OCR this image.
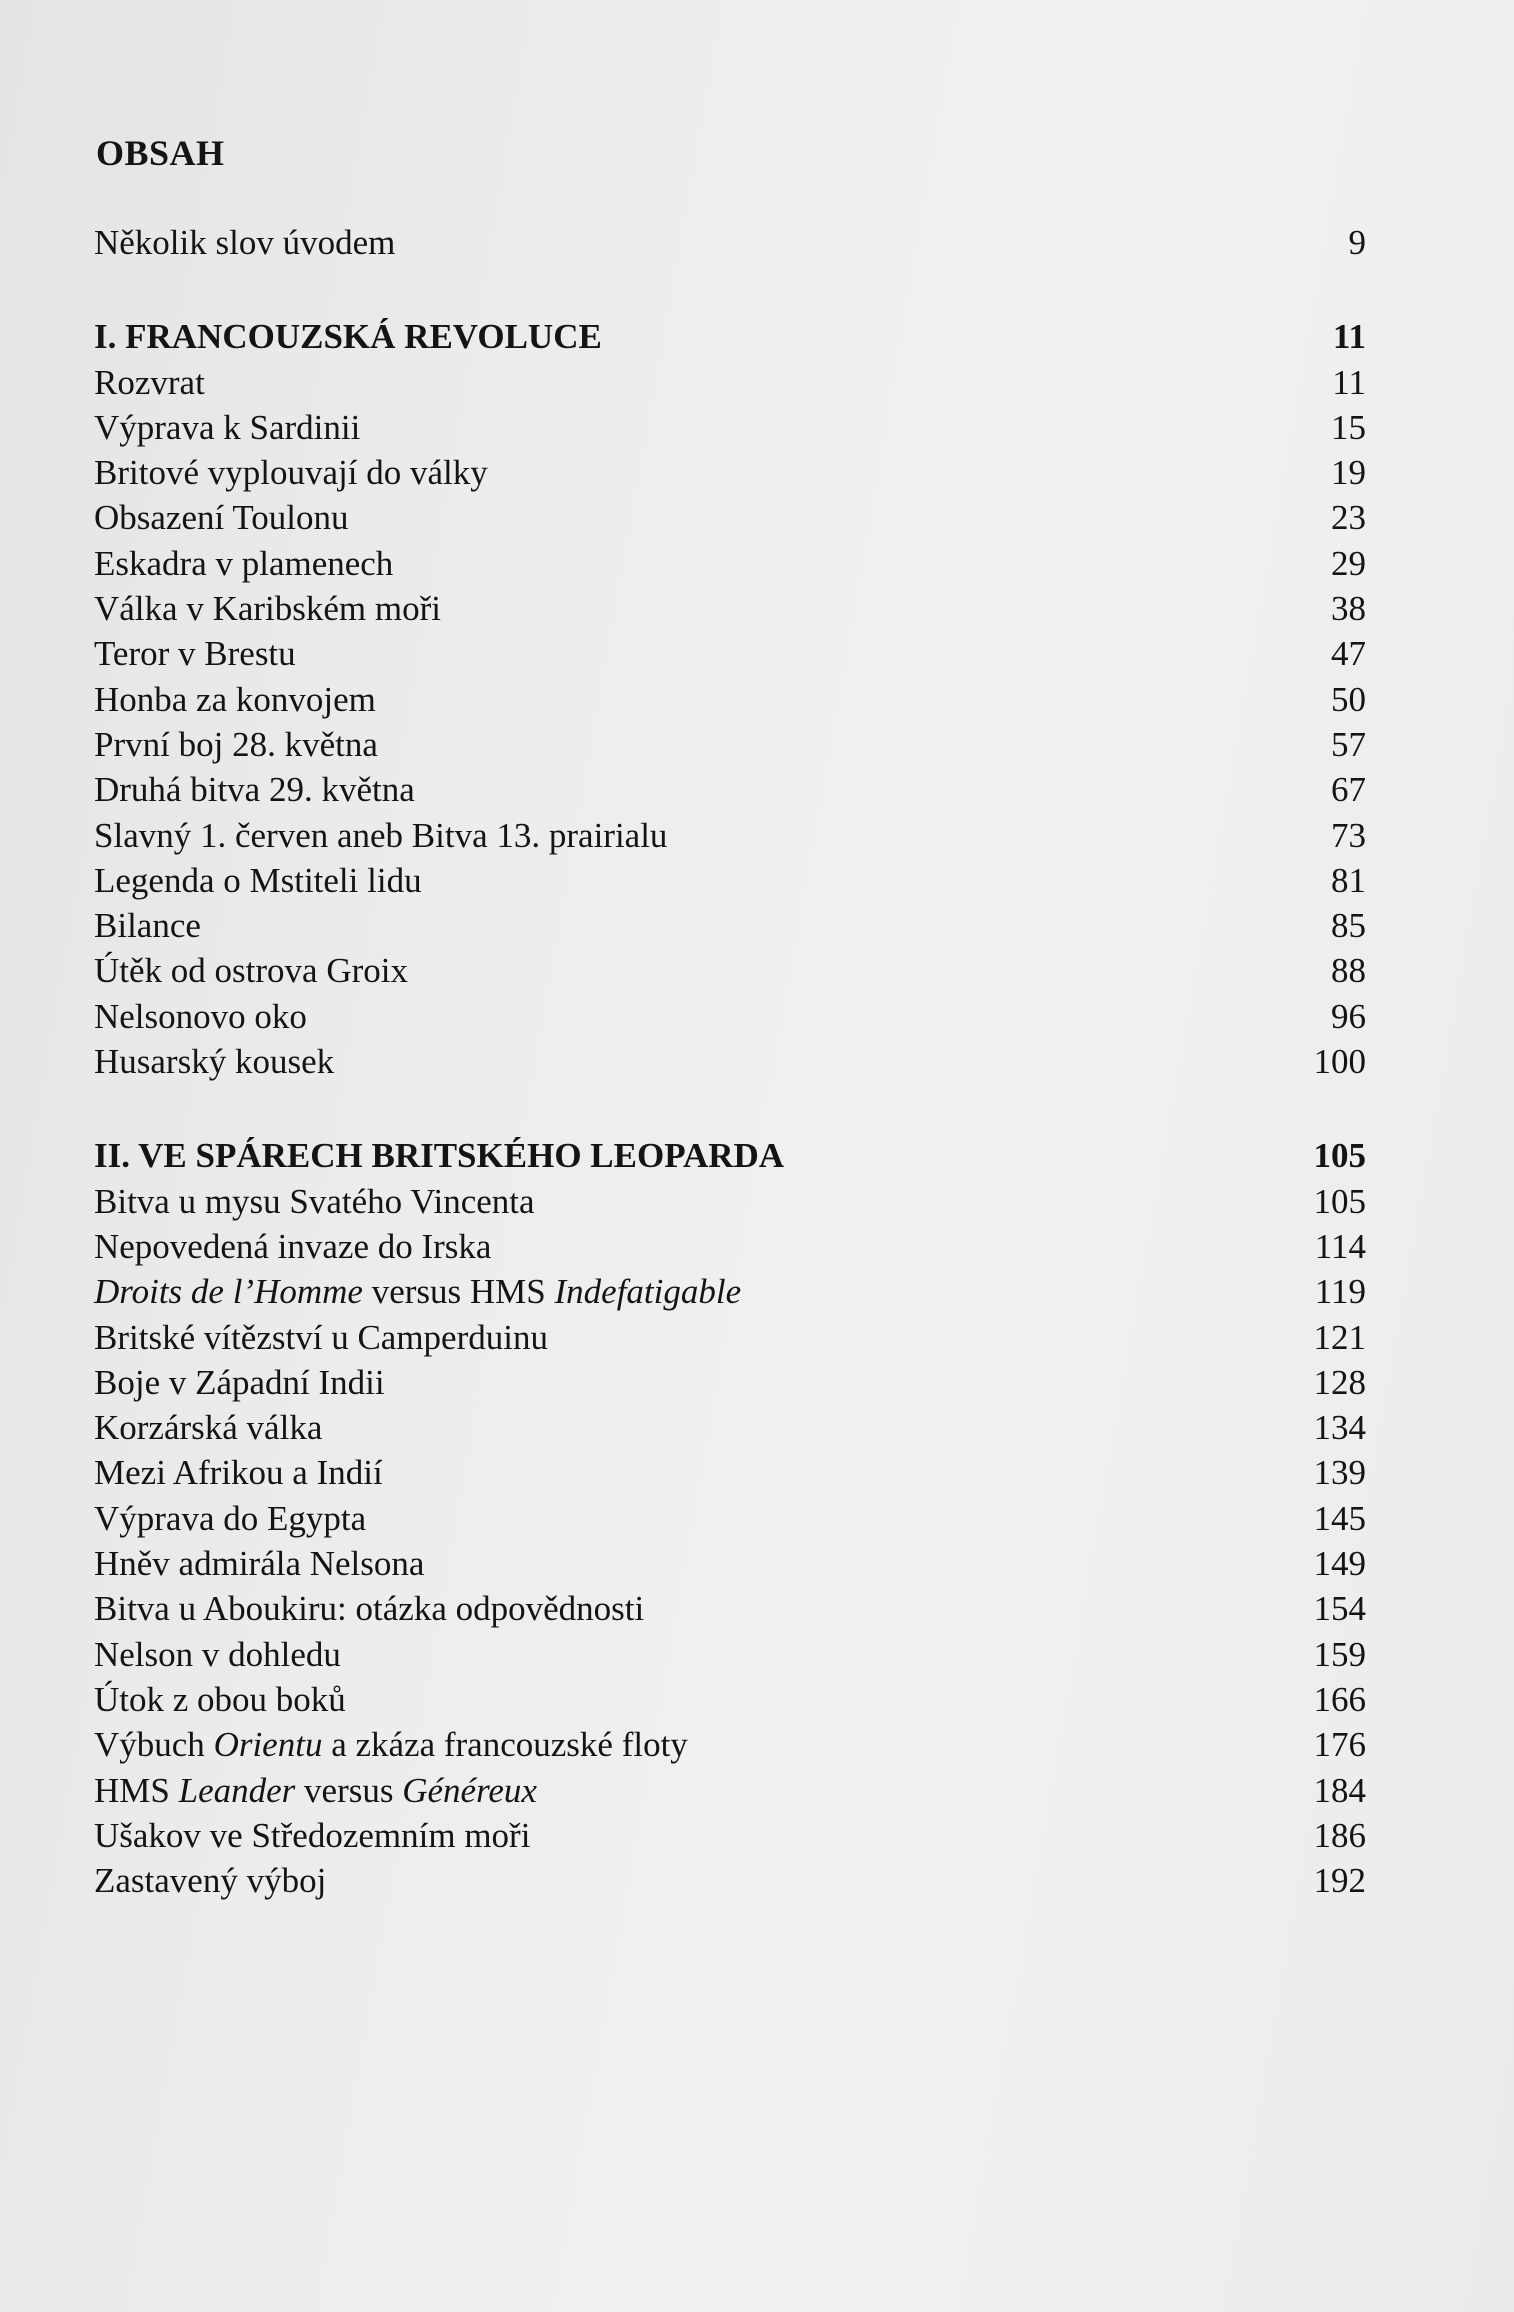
OBSAH
Několik slov úvodem	9
I. FRANCOUZSKÁ REVOLUCE	11
Rozvrat	11
Výprava k Sardinii	15
Britové vyplouvají do války	19
Obsazení Toulonu	23
Eskadra v plamenech	29
Válka v Karibském moři	38
Teror v Brestu	47
Honba za konvojem	50
První boj 28. května	57
Druhá bitva 29. května	67
Slavný 1. červen aneb Bitva 13. prairialu	73
Legenda o Mstiteli lidu	81
Bilance	85
Útěk od ostrova Groix	88
Nelsonovo oko	96
Husarský kousek	100
II. VE SPÁRECH BRITSKÉHO LEOPARDA	105
Bitva u mysu Svatého Vincenta	105
Nepovedená invaze do Irska	114
Droits de l’Homme versus HMS Indefatigable	119
Britské vítězství u Camperduinu	121
Boje v Západní Indii	128
Korzárská válka	134
Mezi Afrikou a Indií	139
Výprava do Egypta	145
Hněv admirála Nelsona	149
Bitva u Aboukiru: otázka odpovědnosti	154
Nelson v dohledu	159
Útok z obou boků	166
Výbuch Orientu a zkáza francouzské floty	176
HMS Leander versus Généreux	184
Ušakov ve Středozemním moři	186
Zastavený výboj	192
